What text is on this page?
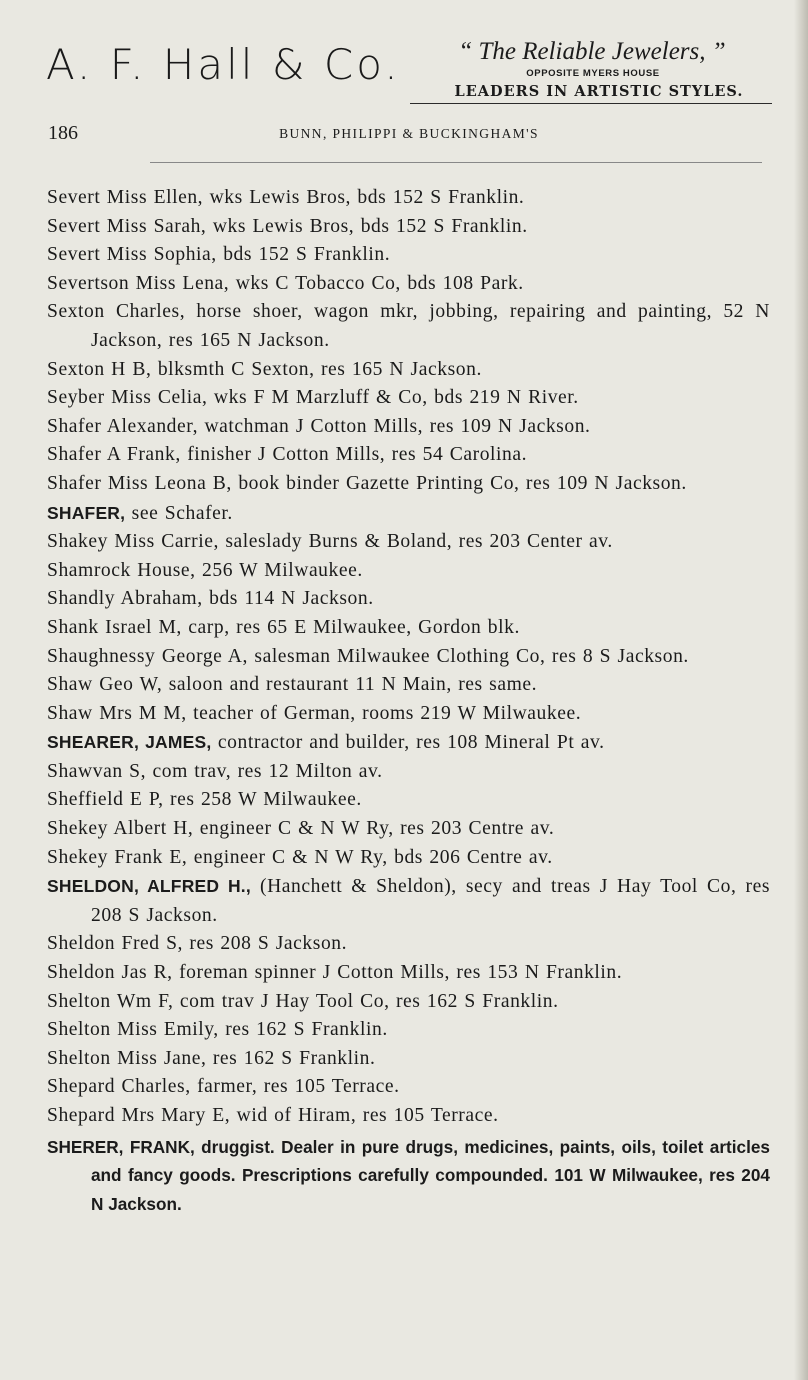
A. F. Hall & Co.	“ The Reliable Jewelers, ”
OPPOSITE MYERS HOUSE
LEADERS IN ARTISTIC STYLES.
186	BUNN, PHILIPPI & BUCKINGHAM'S
Severt Miss Ellen, wks Lewis Bros, bds 152 S Franklin.
Severt Miss Sarah, wks Lewis Bros, bds 152 S Franklin.
Severt Miss Sophia, bds 152 S Franklin.
Severtson Miss Lena, wks C Tobacco Co, bds 108 Park.
Sexton Charles, horse shoer, wagon mkr, jobbing, repairing and painting, 52 N Jackson, res 165 N Jackson.
Sexton H B, blksmth C Sexton, res 165 N Jackson.
Seyber Miss Celia, wks F M Marzluff & Co, bds 219 N River.
Shafer Alexander, watchman J Cotton Mills, res 109 N Jackson.
Shafer A Frank, finisher J Cotton Mills, res 54 Carolina.
Shafer Miss Leona B, book binder Gazette Printing Co, res 109 N Jackson.
SHAFER, see Schafer.
Shakey Miss Carrie, saleslady Burns & Boland, res 203 Center av.
Shamrock House, 256 W Milwaukee.
Shandly Abraham, bds 114 N Jackson.
Shank Israel M, carp, res 65 E Milwaukee, Gordon blk.
Shaughnessy George A, salesman Milwaukee Clothing Co, res 8 S Jackson.
Shaw Geo W, saloon and restaurant 11 N Main, res same.
Shaw Mrs M M, teacher of German, rooms 219 W Milwaukee.
SHEARER, JAMES, contractor and builder, res 108 Mineral Pt av.
Shawvan S, com trav, res 12 Milton av.
Sheffield E P, res 258 W Milwaukee.
Shekey Albert H, engineer C & N W Ry, res 203 Centre av.
Shekey Frank E, engineer C & N W Ry, bds 206 Centre av.
SHELDON, ALFRED H., (Hanchett & Sheldon), secy and treas J Hay Tool Co, res 208 S Jackson.
Sheldon Fred S, res 208 S Jackson.
Sheldon Jas R, foreman spinner J Cotton Mills, res 153 N Franklin.
Shelton Wm F, com trav J Hay Tool Co, res 162 S Franklin.
Shelton Miss Emily, res 162 S Franklin.
Shelton Miss Jane, res 162 S Franklin.
Shepard Charles, farmer, res 105 Terrace.
Shepard Mrs Mary E, wid of Hiram, res 105 Terrace.
SHERER, FRANK, druggist. Dealer in pure drugs, medicines, paints, oils, toilet articles and fancy goods. Prescriptions carefully compounded. 101 W Milwaukee, res 204 N Jackson.
